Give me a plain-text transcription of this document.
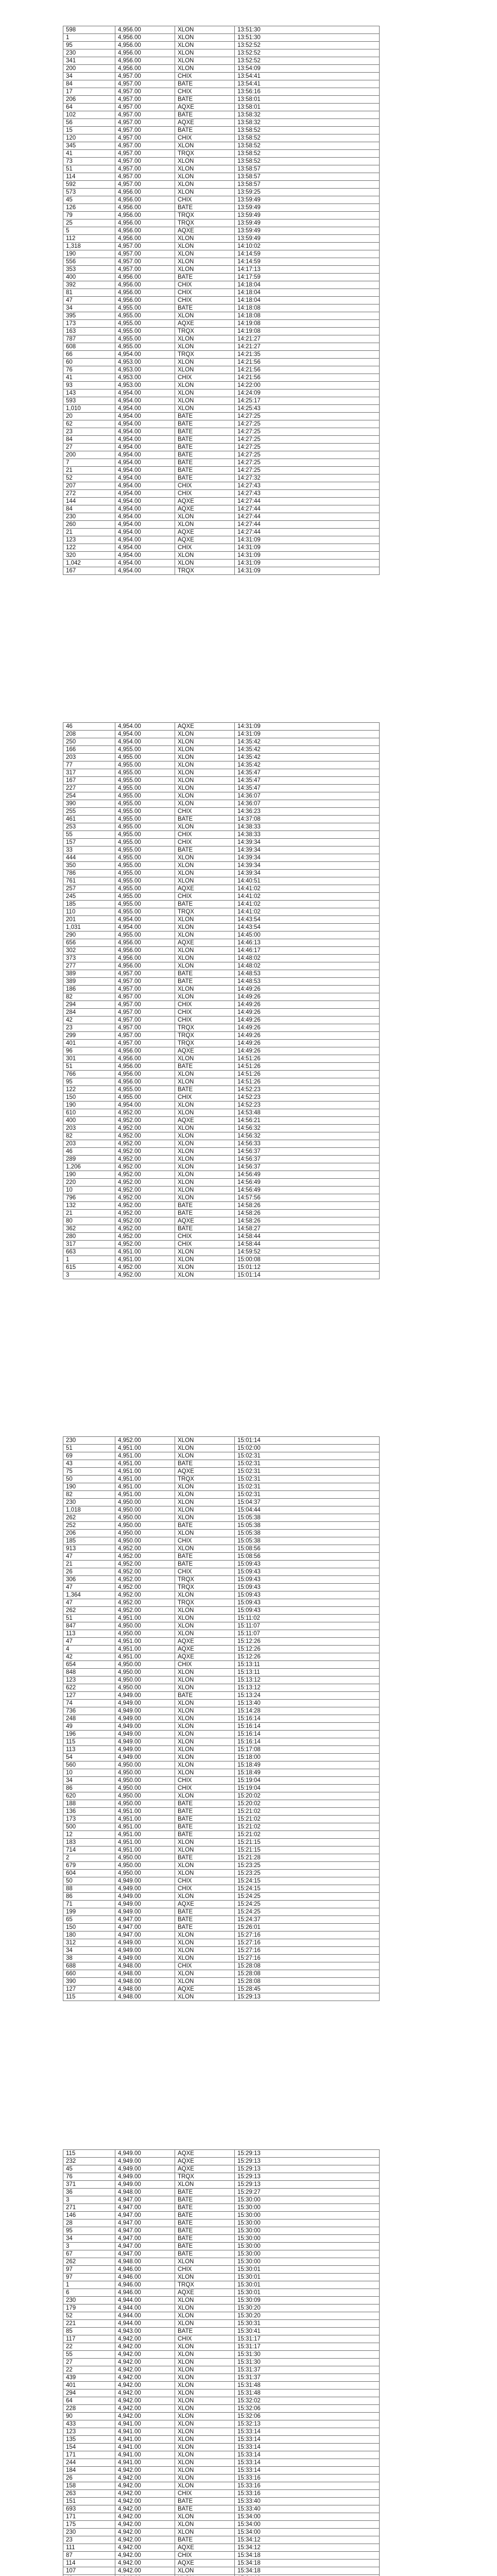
598	4,956.00	XLON	13:51:30
1	4,956.00	XLON	13:51:30
95	4,956.00	XLON	13:52:52
230	4,956.00	XLON	13:52:52
341	4,956.00	XLON	13:52:52
200	4,956.00	XLON	13:54:09
34	4,957.00	CHIX	13:54:41
84	4,957.00	BATE	13:54:41
17	4,957.00	CHIX	13:56:16
206	4,957.00	BATE	13:58:01
64	4,957.00	AQXE	13:58:01
102	4,957.00	BATE	13:58:32
56	4,957.00	AQXE	13:58:32
15	4,957.00	BATE	13:58:52
120	4,957.00	CHIX	13:58:52
345	4,957.00	XLON	13:58:52
41	4,957.00	TRQX	13:58:52
73	4,957.00	XLON	13:58:52
51	4,957.00	XLON	13:58:57
114	4,957.00	XLON	13:58:57
592	4,957.00	XLON	13:58:57
573	4,956.00	XLON	13:59:25
45	4,956.00	CHIX	13:59:49
126	4,956.00	BATE	13:59:49
79	4,956.00	TRQX	13:59:49
25	4,956.00	TRQX	13:59:49
5	4,956.00	AQXE	13:59:49
112	4,956.00	XLON	13:59:49
1,318	4,957.00	XLON	14:10:02
190	4,957.00	XLON	14:14:59
556	4,957.00	XLON	14:14:59
353	4,957.00	XLON	14:17:13
400	4,956.00	BATE	14:17:59
392	4,956.00	CHIX	14:18:04
81	4,956.00	CHIX	14:18:04
47	4,956.00	CHIX	14:18:04
34	4,955.00	BATE	14:18:08
395	4,955.00	XLON	14:18:08
173	4,955.00	AQXE	14:19:08
163	4,955.00	TRQX	14:19:08
787	4,955.00	XLON	14:21:27
608	4,955.00	XLON	14:21:27
66	4,954.00	TRQX	14:21:35
60	4,953.00	XLON	14:21:56
76	4,953.00	XLON	14:21:56
41	4,953.00	CHIX	14:21:56
93	4,953.00	XLON	14:22:00
143	4,954.00	XLON	14:24:09
593	4,954.00	XLON	14:25:17
1,010	4,954.00	XLON	14:25:43
20	4,954.00	BATE	14:27:25
62	4,954.00	BATE	14:27:25
23	4,954.00	BATE	14:27:25
84	4,954.00	BATE	14:27:25
27	4,954.00	BATE	14:27:25
200	4,954.00	BATE	14:27:25
7	4,954.00	BATE	14:27:25
21	4,954.00	BATE	14:27:25
52	4,954.00	BATE	14:27:32
207	4,954.00	CHIX	14:27:43
272	4,954.00	CHIX	14:27:43
144	4,954.00	AQXE	14:27:44
84	4,954.00	AQXE	14:27:44
230	4,954.00	XLON	14:27:44
260	4,954.00	XLON	14:27:44
21	4,954.00	AQXE	14:27:44
123	4,954.00	AQXE	14:31:09
122	4,954.00	CHIX	14:31:09
320	4,954.00	XLON	14:31:09
1,042	4,954.00	XLON	14:31:09
167	4,954.00	TRQX	14:31:09
46	4,954.00	AQXE	14:31:09
208	4,954.00	XLON	14:31:09
250	4,954.00	XLON	14:35:42
166	4,955.00	XLON	14:35:42
203	4,955.00	XLON	14:35:42
77	4,955.00	XLON	14:35:42
317	4,955.00	XLON	14:35:47
167	4,955.00	XLON	14:35:47
227	4,955.00	XLON	14:35:47
254	4,955.00	XLON	14:36:07
390	4,955.00	XLON	14:36:07
255	4,955.00	CHIX	14:36:23
461	4,955.00	BATE	14:37:08
253	4,955.00	XLON	14:38:33
55	4,955.00	CHIX	14:38:33
157	4,955.00	CHIX	14:39:34
33	4,955.00	BATE	14:39:34
444	4,955.00	XLON	14:39:34
350	4,955.00	XLON	14:39:34
786	4,955.00	XLON	14:39:34
761	4,955.00	XLON	14:40:51
257	4,955.00	AQXE	14:41:02
245	4,955.00	CHIX	14:41:02
185	4,955.00	BATE	14:41:02
110	4,955.00	TRQX	14:41:02
201	4,954.00	XLON	14:43:54
1,031	4,954.00	XLON	14:43:54
290	4,955.00	XLON	14:45:00
656	4,956.00	AQXE	14:46:13
302	4,956.00	XLON	14:46:17
373	4,956.00	XLON	14:48:02
277	4,956.00	XLON	14:48:02
389	4,957.00	BATE	14:48:53
389	4,957.00	BATE	14:48:53
186	4,957.00	XLON	14:49:26
82	4,957.00	XLON	14:49:26
294	4,957.00	CHIX	14:49:26
284	4,957.00	CHIX	14:49:26
42	4,957.00	CHIX	14:49:26
23	4,957.00	TRQX	14:49:26
299	4,957.00	TRQX	14:49:26
401	4,957.00	TRQX	14:49:26
96	4,956.00	AQXE	14:49:26
301	4,956.00	XLON	14:51:26
51	4,956.00	BATE	14:51:26
766	4,956.00	XLON	14:51:26
95	4,956.00	XLON	14:51:26
122	4,955.00	BATE	14:52:23
150	4,955.00	CHIX	14:52:23
190	4,954.00	XLON	14:52:23
610	4,952.00	XLON	14:53:48
400	4,952.00	AQXE	14:56:21
203	4,952.00	XLON	14:56:32
82	4,952.00	XLON	14:56:32
203	4,952.00	XLON	14:56:33
46	4,952.00	XLON	14:56:37
289	4,952.00	XLON	14:56:37
1,206	4,952.00	XLON	14:56:37
190	4,952.00	XLON	14:56:49
220	4,952.00	XLON	14:56:49
10	4,952.00	XLON	14:56:49
796	4,952.00	XLON	14:57:56
132	4,952.00	BATE	14:58:26
21	4,952.00	BATE	14:58:26
80	4,952.00	AQXE	14:58:26
362	4,952.00	BATE	14:58:27
280	4,952.00	CHIX	14:58:44
317	4,952.00	CHIX	14:58:44
663	4,951.00	XLON	14:59:52
1	4,951.00	XLON	15:00:08
615	4,952.00	XLON	15:01:12
3	4,952.00	XLON	15:01:14
230	4,952.00	XLON	15:01:14
51	4,951.00	XLON	15:02:00
69	4,951.00	XLON	15:02:31
43	4,951.00	BATE	15:02:31
75	4,951.00	AQXE	15:02:31
50	4,951.00	TRQX	15:02:31
190	4,951.00	XLON	15:02:31
82	4,951.00	XLON	15:02:31
230	4,950.00	XLON	15:04:37
1,018	4,950.00	XLON	15:04:44
262	4,950.00	XLON	15:05:38
252	4,950.00	BATE	15:05:38
206	4,950.00	XLON	15:05:38
185	4,950.00	CHIX	15:05:38
913	4,952.00	XLON	15:08:56
47	4,952.00	BATE	15:08:56
21	4,952.00	BATE	15:09:43
26	4,952.00	CHIX	15:09:43
306	4,952.00	TRQX	15:09:43
47	4,952.00	TRQX	15:09:43
1,364	4,952.00	XLON	15:09:43
47	4,952.00	TRQX	15:09:43
262	4,952.00	XLON	15:09:43
51	4,951.00	XLON	15:11:02
847	4,950.00	XLON	15:11:07
113	4,950.00	XLON	15:11:07
47	4,951.00	AQXE	15:12:26
4	4,951.00	AQXE	15:12:26
42	4,951.00	AQXE	15:12:26
654	4,950.00	CHIX	15:13:11
848	4,950.00	XLON	15:13:11
123	4,950.00	XLON	15:13:12
622	4,950.00	XLON	15:13:12
127	4,949.00	BATE	15:13:24
74	4,949.00	XLON	15:13:40
736	4,949.00	XLON	15:14:28
248	4,949.00	XLON	15:16:14
49	4,949.00	XLON	15:16:14
196	4,949.00	XLON	15:16:14
115	4,949.00	XLON	15:16:14
113	4,949.00	XLON	15:17:08
54	4,949.00	XLON	15:18:00
560	4,950.00	XLON	15:18:49
10	4,950.00	XLON	15:18:49
34	4,950.00	CHIX	15:19:04
86	4,950.00	CHIX	15:19:04
620	4,950.00	XLON	15:20:02
188	4,950.00	BATE	15:20:02
136	4,951.00	BATE	15:21:02
173	4,951.00	BATE	15:21:02
500	4,951.00	BATE	15:21:02
12	4,951.00	BATE	15:21:02
183	4,951.00	XLON	15:21:15
714	4,951.00	XLON	15:21:15
2	4,950.00	BATE	15:21:28
679	4,950.00	XLON	15:23:25
604	4,950.00	XLON	15:23:25
50	4,949.00	CHIX	15:24:15
88	4,949.00	CHIX	15:24:15
86	4,949.00	XLON	15:24:25
71	4,949.00	AQXE	15:24:25
199	4,949.00	BATE	15:24:25
65	4,947.00	BATE	15:24:37
150	4,947.00	BATE	15:26:01
180	4,947.00	XLON	15:27:16
312	4,949.00	XLON	15:27:16
34	4,949.00	XLON	15:27:16
38	4,949.00	XLON	15:27:16
688	4,948.00	CHIX	15:28:08
660	4,948.00	XLON	15:28:08
390	4,948.00	XLON	15:28:08
127	4,948.00	AQXE	15:28:45
115	4,948.00	XLON	15:29:13
115	4,949.00	AQXE	15:29:13
232	4,949.00	AQXE	15:29:13
45	4,949.00	AQXE	15:29:13
76	4,949.00	TRQX	15:29:13
371	4,949.00	XLON	15:29:13
36	4,948.00	BATE	15:29:27
3	4,947.00	BATE	15:30:00
271	4,947.00	BATE	15:30:00
146	4,947.00	BATE	15:30:00
28	4,947.00	BATE	15:30:00
95	4,947.00	BATE	15:30:00
34	4,947.00	BATE	15:30:00
3	4,947.00	BATE	15:30:00
67	4,947.00	BATE	15:30:00
262	4,948.00	XLON	15:30:00
97	4,946.00	CHIX	15:30:01
97	4,946.00	XLON	15:30:01
1	4,946.00	TRQX	15:30:01
6	4,946.00	AQXE	15:30:01
230	4,944.00	XLON	15:30:09
179	4,944.00	XLON	15:30:20
52	4,944.00	XLON	15:30:20
221	4,944.00	XLON	15:30:31
85	4,943.00	BATE	15:30:41
117	4,942.00	CHIX	15:31:17
22	4,942.00	XLON	15:31:17
55	4,942.00	XLON	15:31:30
27	4,942.00	XLON	15:31:30
22	4,942.00	XLON	15:31:37
439	4,942.00	XLON	15:31:37
401	4,942.00	XLON	15:31:48
294	4,942.00	XLON	15:31:48
64	4,942.00	XLON	15:32:02
228	4,942.00	XLON	15:32:06
90	4,942.00	XLON	15:32:06
433	4,941.00	XLON	15:32:13
123	4,941.00	XLON	15:33:14
135	4,941.00	XLON	15:33:14
154	4,941.00	XLON	15:33:14
171	4,941.00	XLON	15:33:14
244	4,941.00	XLON	15:33:14
184	4,942.00	XLON	15:33:14
26	4,942.00	XLON	15:33:16
158	4,942.00	XLON	15:33:16
263	4,942.00	CHIX	15:33:16
151	4,942.00	BATE	15:33:40
693	4,942.00	BATE	15:33:40
171	4,942.00	XLON	15:34:00
175	4,942.00	XLON	15:34:00
230	4,942.00	XLON	15:34:00
23	4,942.00	BATE	15:34:12
111	4,942.00	AQXE	15:34:12
87	4,942.00	CHIX	15:34:18
114	4,942.00	AQXE	15:34:18
107	4,942.00	XLON	15:34:18
